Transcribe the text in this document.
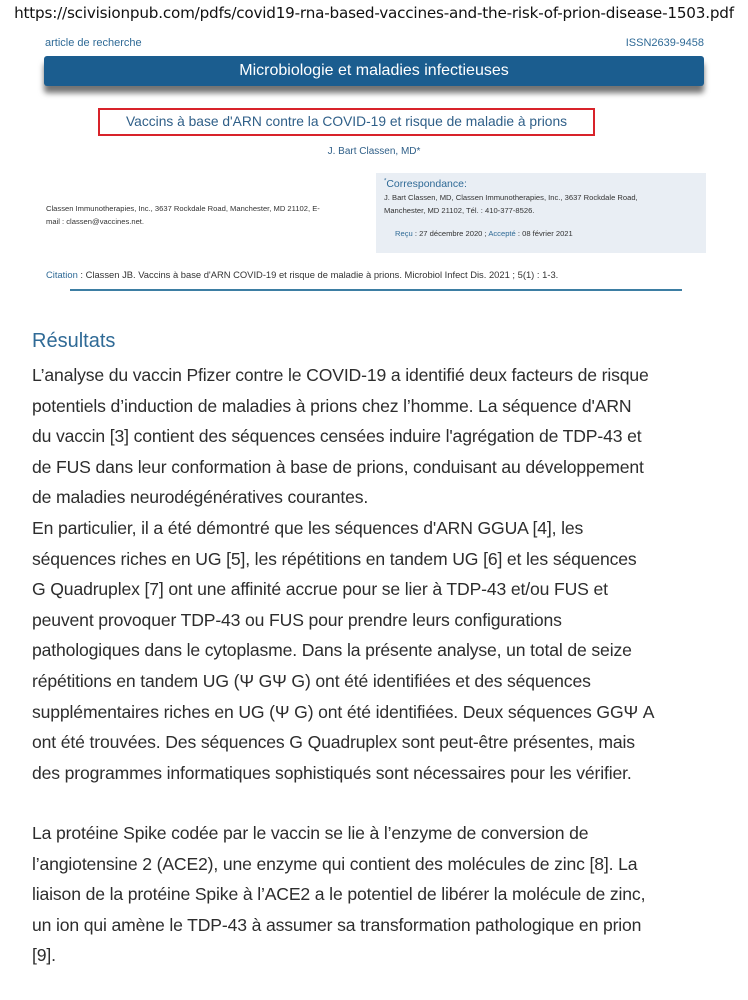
https://scivisionpub.com/pdfs/covid19-rna-based-vaccines-and-the-risk-of-prion-disease-1503.pdf
article de recherche	ISSN2639-9458
Microbiologie et maladies infectieuses
Vaccins à base d'ARN contre la COVID-19 et risque de maladie à prions
J. Bart Classen, MD*
Classen Immunotherapies, Inc., 3637 Rockdale Road, Manchester, MD 21102, E-
mail : classen@vaccines.net.
*Correspondance:
J. Bart Classen, MD, Classen Immunotherapies, Inc., 3637 Rockdale Road,
Manchester, MD 21102, Tél. : 410-377-8526.
Reçu : 27 décembre 2020 ; Accepté : 08 février 2021
Citation : Classen JB. Vaccins à base d'ARN COVID-19 et risque de maladie à prions. Microbiol Infect Dis. 2021 ; 5(1) : 1-3.
Résultats
L’analyse du vaccin Pfizer contre le COVID-19 a identifié deux facteurs de risque
potentiels d’induction de maladies à prions chez l’homme. La séquence d'ARN
du vaccin [3] contient des séquences censées induire l'agrégation de TDP-43 et
de FUS dans leur conformation à base de prions, conduisant au développement
de maladies neurodégénératives courantes.
En particulier, il a été démontré que les séquences d'ARN GGUA [4], les
séquences riches en UG [5], les répétitions en tandem UG [6] et les séquences
G Quadruplex [7] ont une affinité accrue pour se lier à TDP-43 et/ou FUS et
peuvent provoquer TDP-43 ou FUS pour prendre leurs configurations
pathologiques dans le cytoplasme. Dans la présente analyse, un total de seize
répétitions en tandem UG (Ψ GΨ G) ont été identifiées et des séquences
supplémentaires riches en UG (Ψ G) ont été identifiées. Deux séquences GGΨ A
ont été trouvées. Des séquences G Quadruplex sont peut-être présentes, mais
des programmes informatiques sophistiqués sont nécessaires pour les vérifier.
La protéine Spike codée par le vaccin se lie à l’enzyme de conversion de
l’angiotensine 2 (ACE2), une enzyme qui contient des molécules de zinc [8]. La
liaison de la protéine Spike à l’ACE2 a le potentiel de libérer la molécule de zinc,
un ion qui amène le TDP-43 à assumer sa transformation pathologique en prion
[9].
